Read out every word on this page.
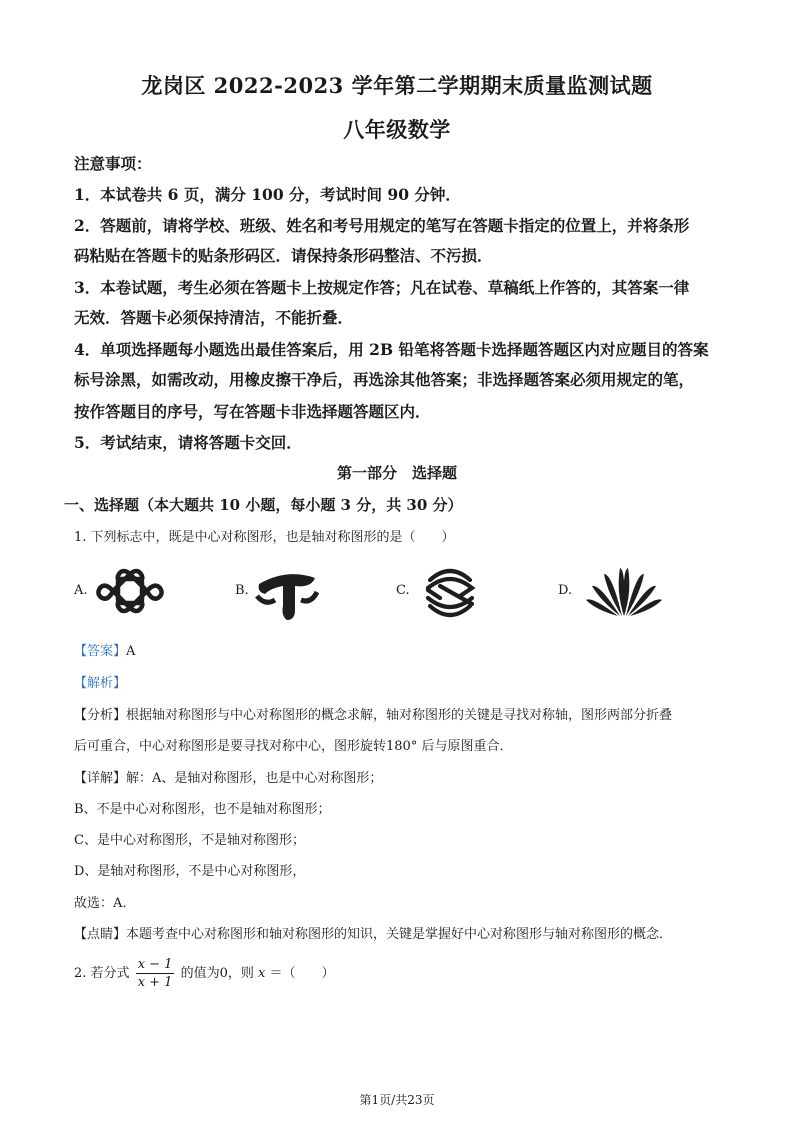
龙岗区 2022-2023 学年第二学期期末质量监测试题
八年级数学
注意事项：
1．本试卷共 6 页，满分 100 分，考试时间 90 分钟．
2．答题前，请将学校、班级、姓名和考号用规定的笔写在答题卡指定的位置上，并将条形
码粘贴在答题卡的贴条形码区．请保持条形码整洁、不污损．
3．本卷试题，考生必须在答题卡上按规定作答；凡在试卷、草稿纸上作答的，其答案一律
无效．答题卡必须保持清洁，不能折叠．
4．单项选择题每小题选出最佳答案后，用 2B 铅笔将答题卡选择题答题区内对应题目的答案
标号涂黑，如需改动，用橡皮擦干净后，再选涂其他答案；非选择题答案必须用规定的笔，
按作答题目的序号，写在答题卡非选择题答题区内．
5．考试结束，请将答题卡交回．
第一部分　选择题
一、选择题（本大题共 10 小题，每小题 3 分，共 30 分）
1. 下列标志中，既是中心对称图形，也是轴对称图形的是（　　）
A.	B.	C.	D.
【答案】A
【解析】
【分析】根据轴对称图形与中心对称图形的概念求解，轴对称图形的关键是寻找对称轴，图形两部分折叠
后可重合，中心对称图形是要寻找对称中心，图形旋转180° 后与原图重合．
【详解】解：A、是轴对称图形，也是中心对称图形；
B、不是中心对称图形，也不是轴对称图形；
C、是中心对称图形，不是轴对称图形；
D、是轴对称图形，不是中心对称图形，
故选：A．
【点睛】本题考查中心对称图形和轴对称图形的知识，关键是掌握好中心对称图形与轴对称图形的概念．
2. 若分式 $\frac{x - 1}{x + 1}$ 的值为0，则 x ＝（　　）
第1页/共23页
